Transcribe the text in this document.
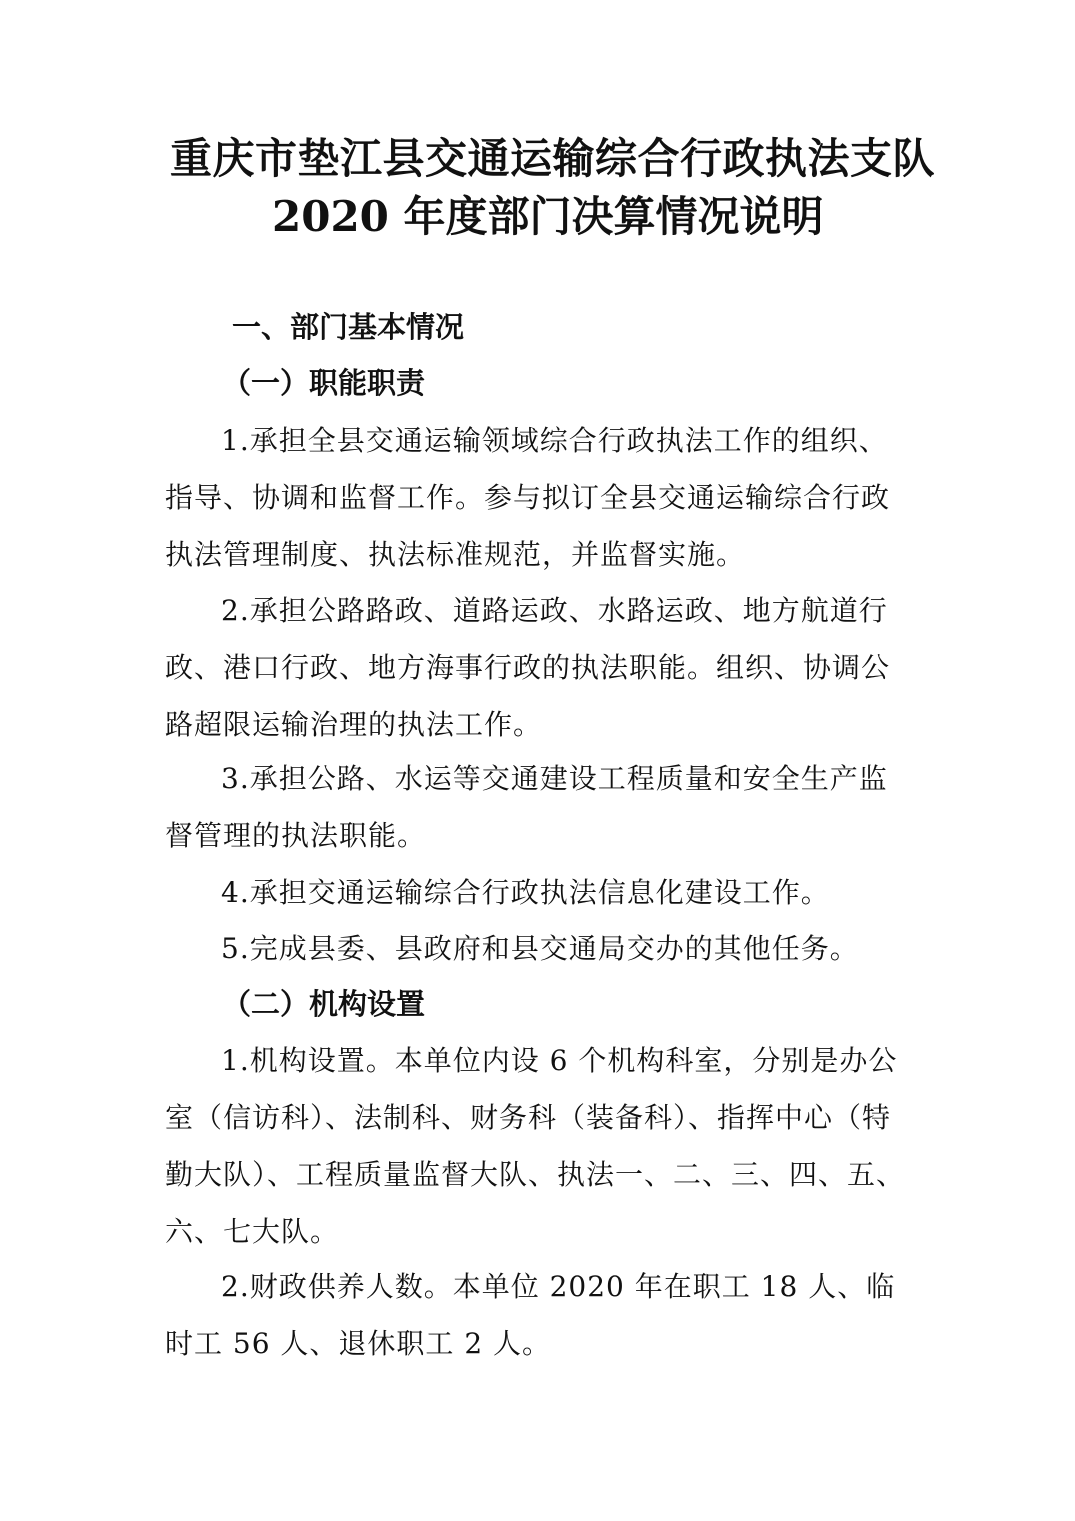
重庆市垫江县交通运输综合行政执法支队
2020 年度部门决算情况说明
一、部门基本情况
（一）职能职责

1.承担全县交通运输领域综合行政执法工作的组织、指导、协调和监督工作。参与拟订全县交通运输综合行政执法管理制度、执法标准规范，并监督实施。

2.承担公路路政、道路运政、水路运政、地方航道行政、港口行政、地方海事行政的执法职能。组织、协调公路超限运输治理的执法工作。

3.承担公路、水运等交通建设工程质量和安全生产监督管理的执法职能。

4.承担交通运输综合行政执法信息化建设工作。

5.完成县委、县政府和县交通局交办的其他任务。

（二）机构设置

1.机构设置。本单位内设 6 个机构科室，分别是办公室（信访科）、法制科、财务科（装备科）、指挥中心（特勤大队）、工程质量监督大队、执法一、二、三、四、五、六、七大队。

2.财政供养人数。本单位 2020 年在职工 18 人、临时工 56 人、退休职工 2 人。
